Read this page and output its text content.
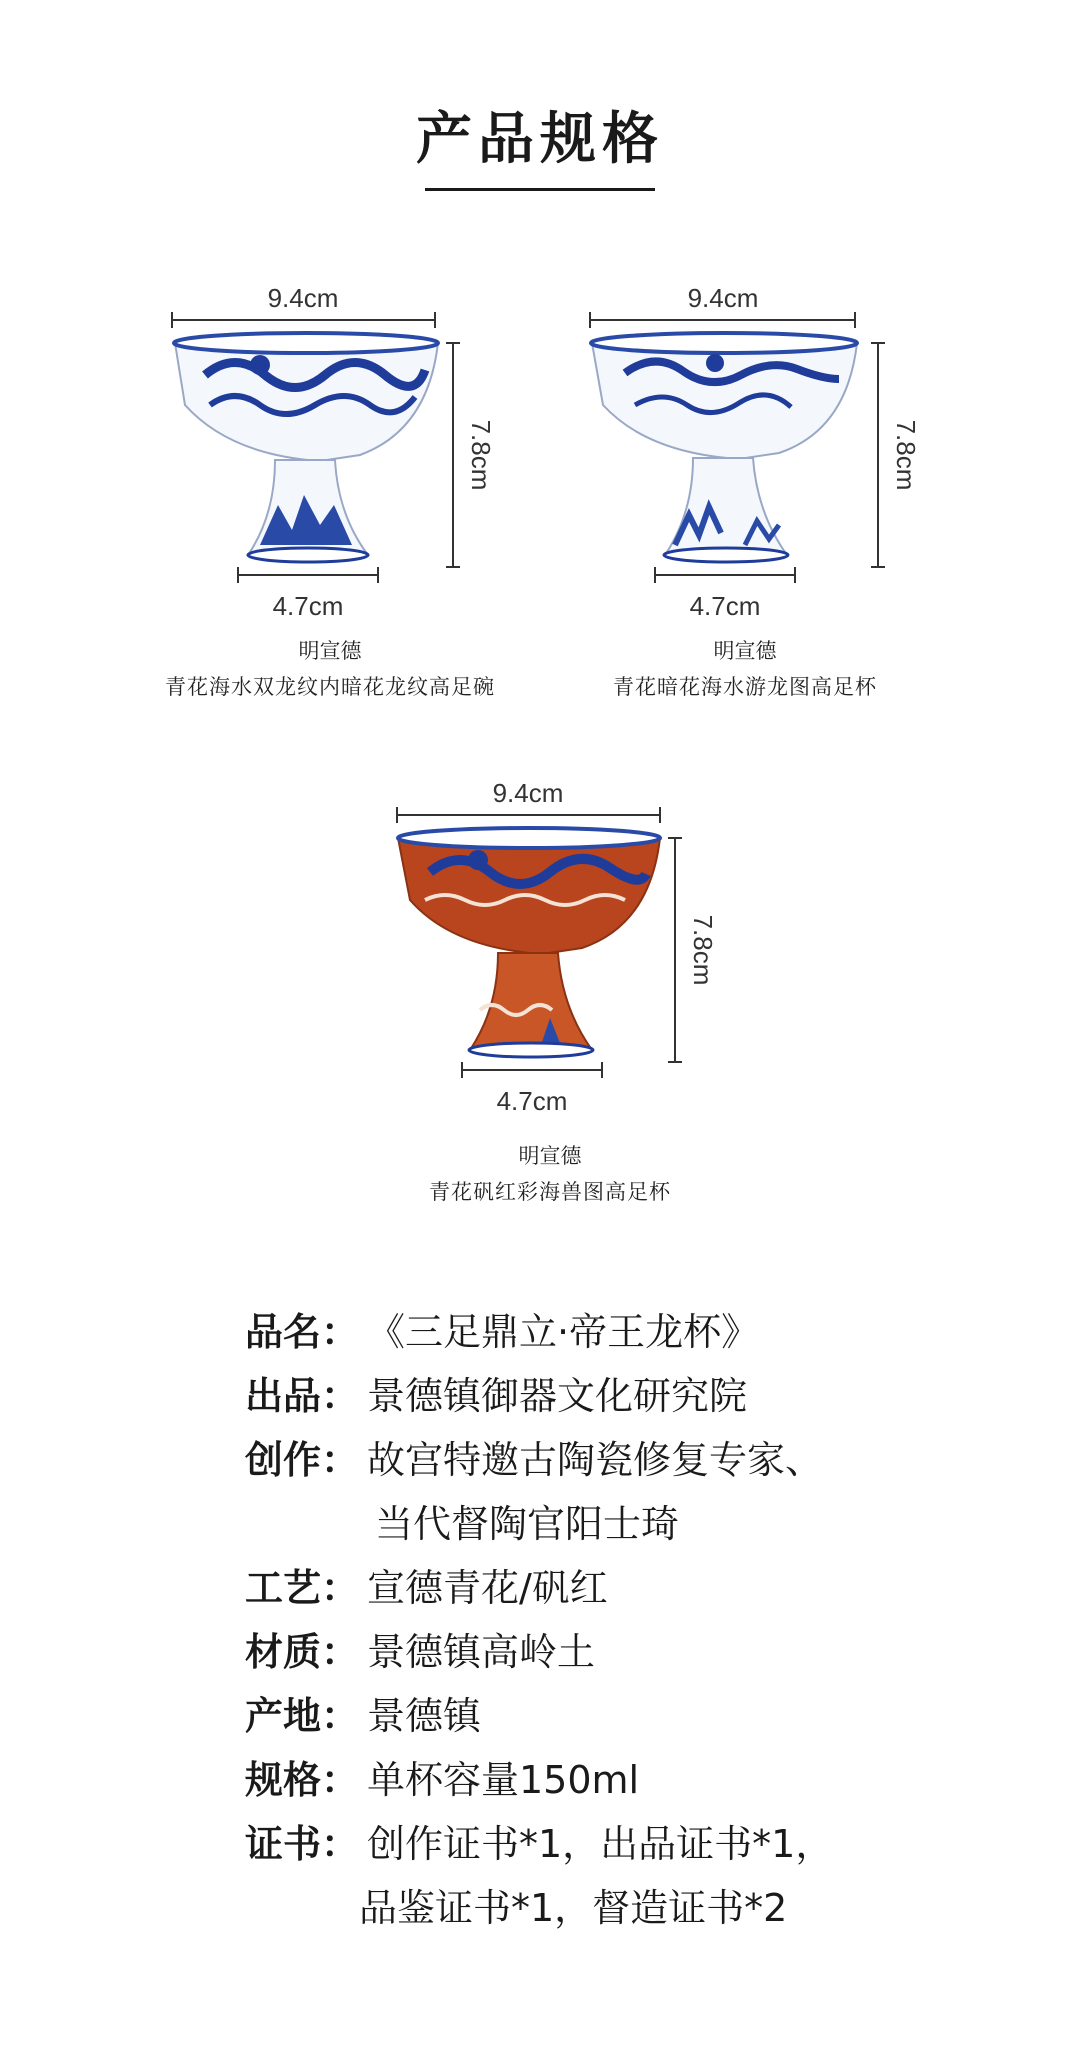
产品规格
9.4cm
7.8cm
4.7cm
明宣德
青花海水双龙纹内暗花龙纹高足碗
9.4cm
7.8cm
4.7cm
明宣德
青花暗花海水游龙图高足杯
9.4cm
7.8cm
4.7cm
明宣德
青花矾红彩海兽图高足杯
品名： 《三足鼎立·帝王龙杯》
出品： 景德镇御器文化研究院
创作： 故宫特邀古陶瓷修复专家、
当代督陶官阳士琦
工艺： 宣德青花/矾红
材质： 景德镇高岭土
产地： 景德镇
规格： 单杯容量150ml
证书： 创作证书*1，出品证书*1，
品鉴证书*1，督造证书*2
